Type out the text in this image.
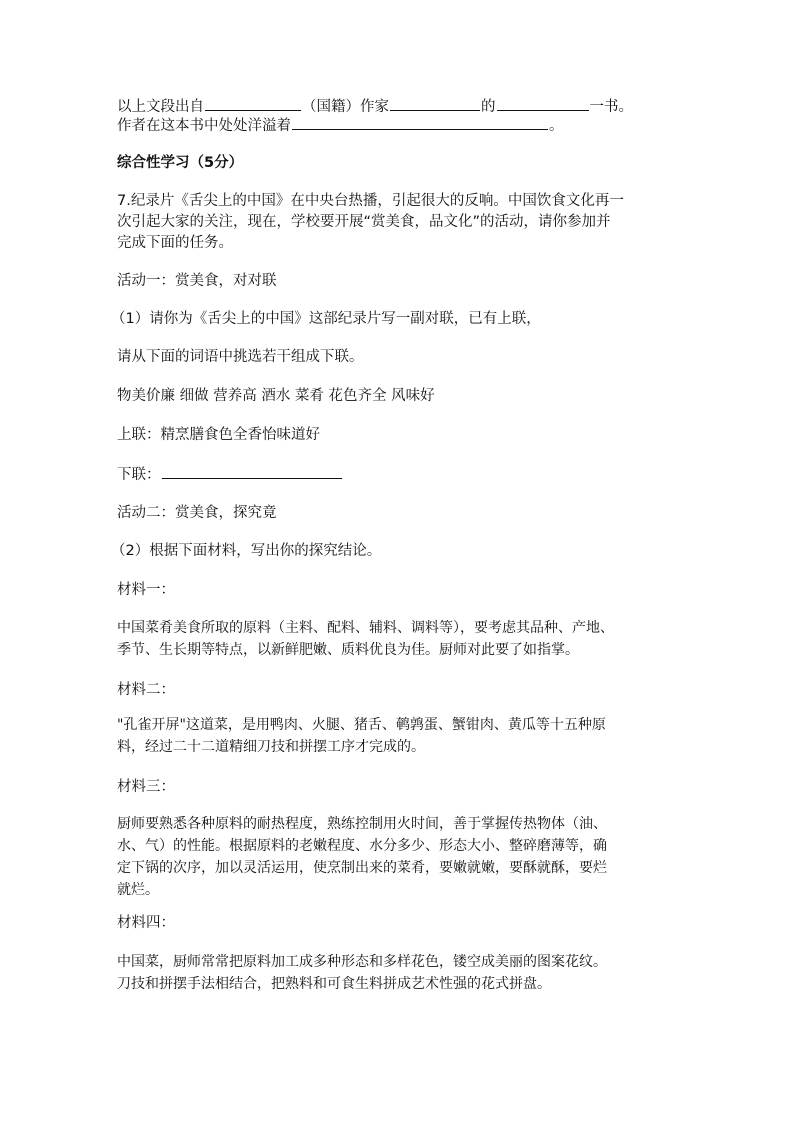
以上文段出自	（国籍）作家	的	一书。
作者在这本书中处处洋溢着	。
综合性学习（5分）
7.纪录片《舌尖上的中国》在中央台热播，引起很大的反响。中国饮食文化再一
次引起大家的关注，现在，学校要开展“赏美食，品文化”的活动，请你参加并
完成下面的任务。
活动一：赏美食，对对联
（1）请你为《舌尖上的中国》这部纪录片写一副对联，已有上联，
请从下面的词语中挑选若干组成下联。
物美价廉 细做 营养高 酒水 菜肴 花色齐全 风味好
上联：精烹膳食色全香怡味道好
下联：
活动二：赏美食，探究竟
（2）根据下面材料，写出你的探究结论。
材料一：
中国菜肴美食所取的原料（主料、配料、辅料、调料等），要考虑其品种、产地、
季节、生长期等特点，以新鲜肥嫩、质料优良为佳。厨师对此要了如指掌。
材料二：
"孔雀开屏"这道菜，是用鸭肉、火腿、猪舌、鹌鹑蛋、蟹钳肉、黄瓜等十五种原
料，经过二十二道精细刀技和拼摆工序才完成的。
材料三：
厨师要熟悉各种原料的耐热程度，熟练控制用火时间，善于掌握传热物体（油、
水、气）的性能。根据原料的老嫩程度、水分多少、形态大小、整碎磨薄等，确
定下锅的次序，加以灵活运用，使烹制出来的菜肴，要嫩就嫩，要酥就酥，要烂
就烂。
材料四：
中国菜，厨师常常把原料加工成多种形态和多样花色，镂空成美丽的图案花纹。
刀技和拼摆手法相结合，把熟料和可食生料拼成艺术性强的花式拼盘。
